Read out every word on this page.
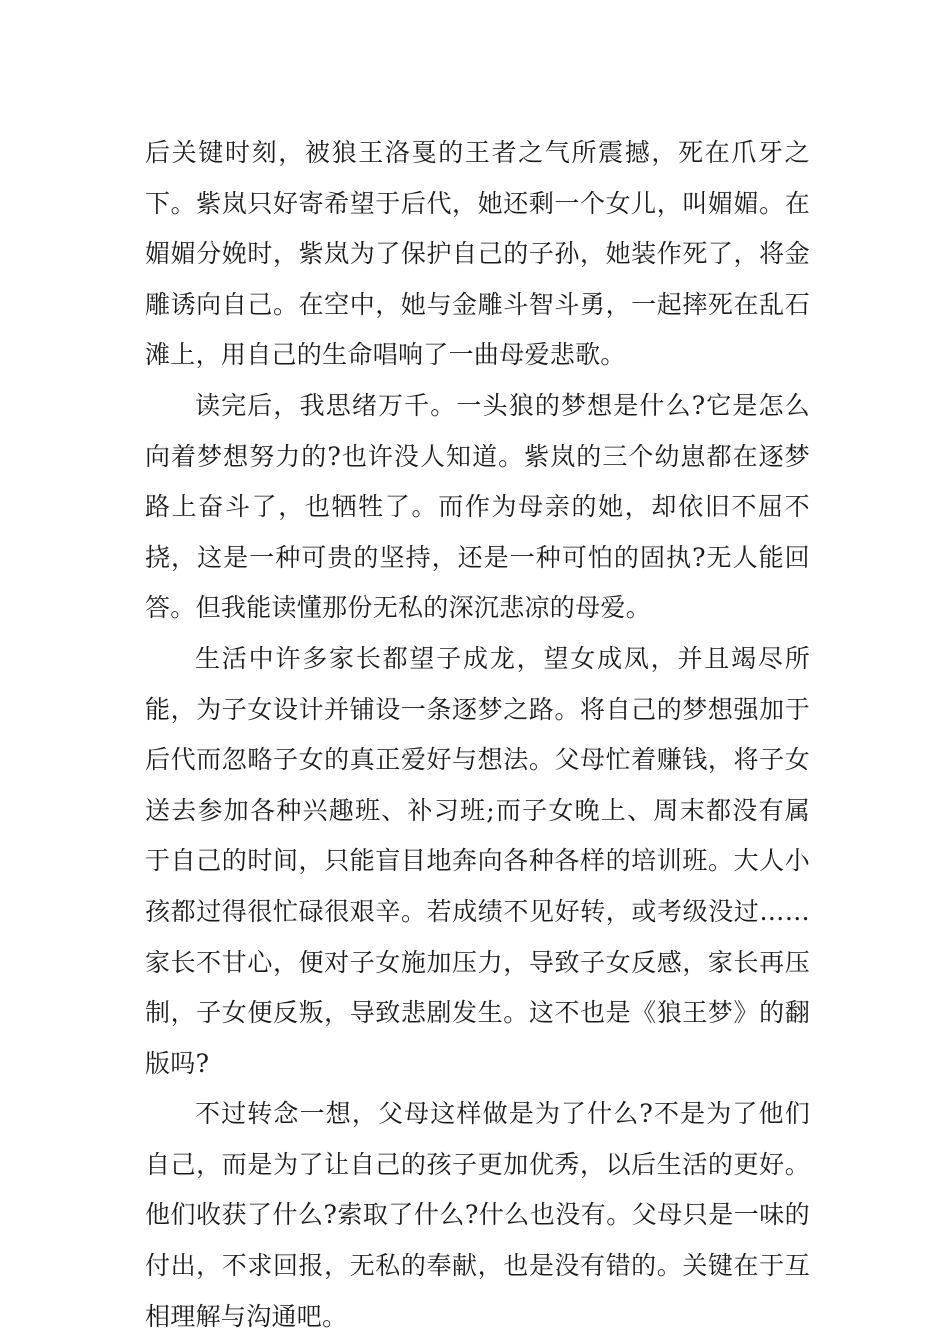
后关键时刻，被狼王洛戛的王者之气所震撼，死在爪牙之下。紫岚只好寄希望于后代，她还剩一个女儿，叫媚媚。在媚媚分娩时，紫岚为了保护自己的子孙，她装作死了，将金雕诱向自己。在空中，她与金雕斗智斗勇，一起摔死在乱石滩上，用自己的生命唱响了一曲母爱悲歌。

读完后，我思绪万千。一头狼的梦想是什么?它是怎么向着梦想努力的?也许没人知道。紫岚的三个幼崽都在逐梦路上奋斗了，也牺牲了。而作为母亲的她，却依旧不屈不挠，这是一种可贵的坚持，还是一种可怕的固执?无人能回答。但我能读懂那份无私的深沉悲凉的母爱。

生活中许多家长都望子成龙，望女成凤，并且竭尽所能，为子女设计并铺设一条逐梦之路。将自己的梦想强加于后代而忽略子女的真正爱好与想法。父母忙着赚钱，将子女送去参加各种兴趣班、补习班;而子女晚上、周末都没有属于自己的时间，只能盲目地奔向各种各样的培训班。大人小孩都过得很忙碌很艰辛。若成绩不见好转，或考级没过……家长不甘心，便对子女施加压力，导致子女反感，家长再压制，子女便反叛，导致悲剧发生。这不也是《狼王梦》的翻版吗?

不过转念一想，父母这样做是为了什么?不是为了他们自己，而是为了让自己的孩子更加优秀，以后生活的更好。他们收获了什么?索取了什么?什么也没有。父母只是一味的付出，不求回报，无私的奉献，也是没有错的。关键在于互相理解与沟通吧。
